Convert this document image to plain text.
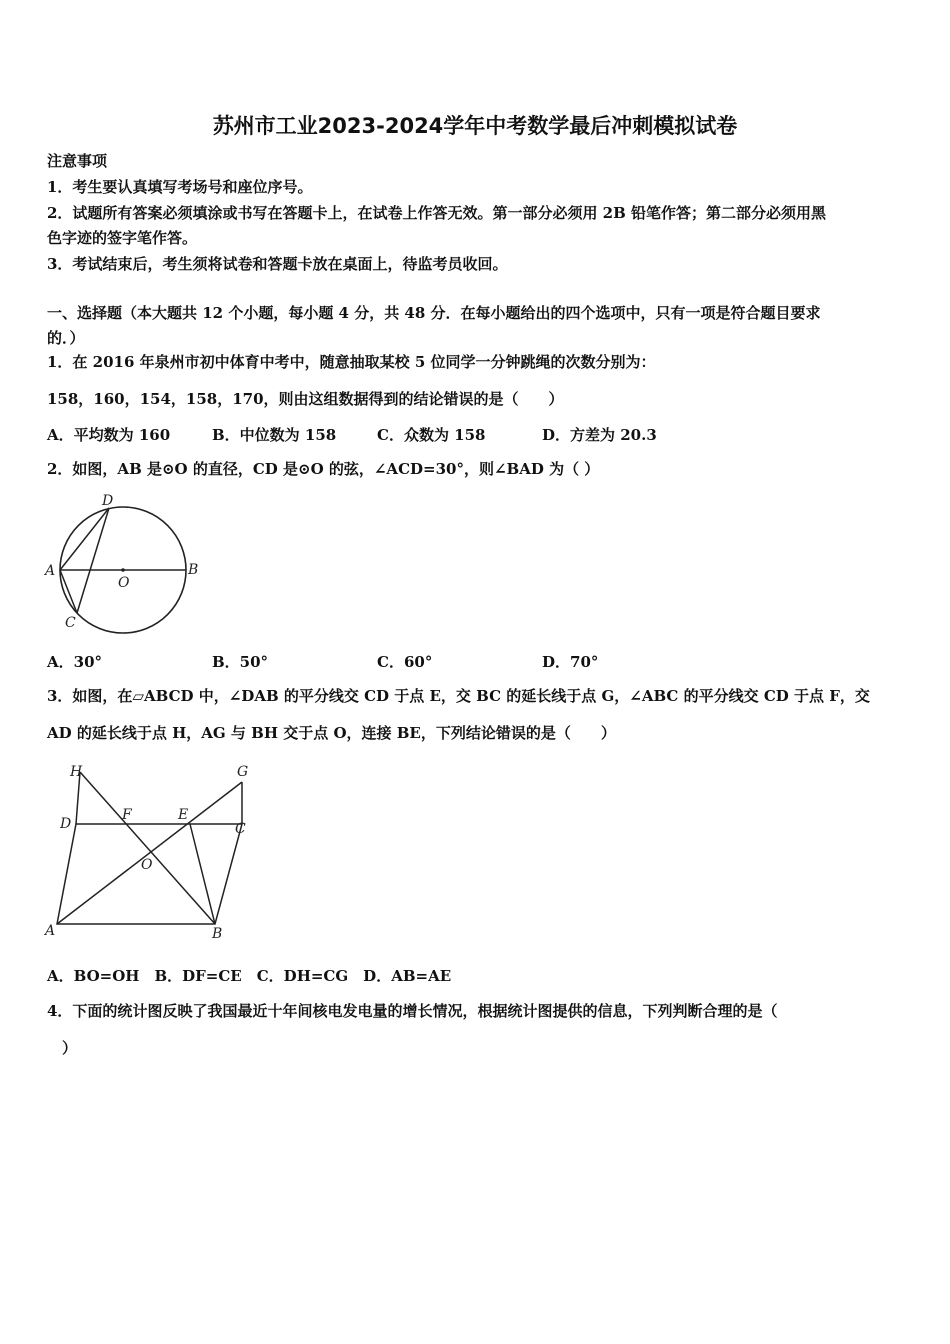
苏州市工业2023-2024学年中考数学最后冲刺模拟试卷
注意事项
1．考生要认真填写考场号和座位序号。
2．试题所有答案必须填涂或书写在答题卡上，在试卷上作答无效。第一部分必须用 2B 铅笔作答；第二部分必须用黑
色字迹的签字笔作答。
3．考试结束后，考生须将试卷和答题卡放在桌面上，待监考员收回。
一、选择题（本大题共 12 个小题，每小题 4 分，共 48 分．在每小题给出的四个选项中，只有一项是符合题目要求
的．）
1．在 2016 年泉州市初中体育中考中，随意抽取某校 5 位同学一分钟跳绳的次数分别为：
158，160，154，158，170，则由这组数据得到的结论错误的是（　　）
A．平均数为 160	B．中位数为 158	C．众数为 158	D．方差为 20.3
2．如图，AB 是⊙O 的直径，CD 是⊙O 的弦，∠ACD=30°，则∠BAD 为（ ）
D
A
O
B
C
A．30°	B．50°	C．60°	D．70°
3．如图，在▱ABCD 中，∠DAB 的平分线交 CD 于点 E，交 BC 的延长线于点 G，∠ABC 的平分线交 CD 于点 F，交
AD 的延长线于点 H，AG 与 BH 交于点 O，连接 BE，下列结论错误的是（　　）
H	G
D
F	E
C
O
A	B
A．BO=OH　B．DF=CE　C．DH=CG　D．AB=AE
4．下面的统计图反映了我国最近十年间核电发电量的增长情况，根据统计图提供的信息，下列判断合理的是（
）
